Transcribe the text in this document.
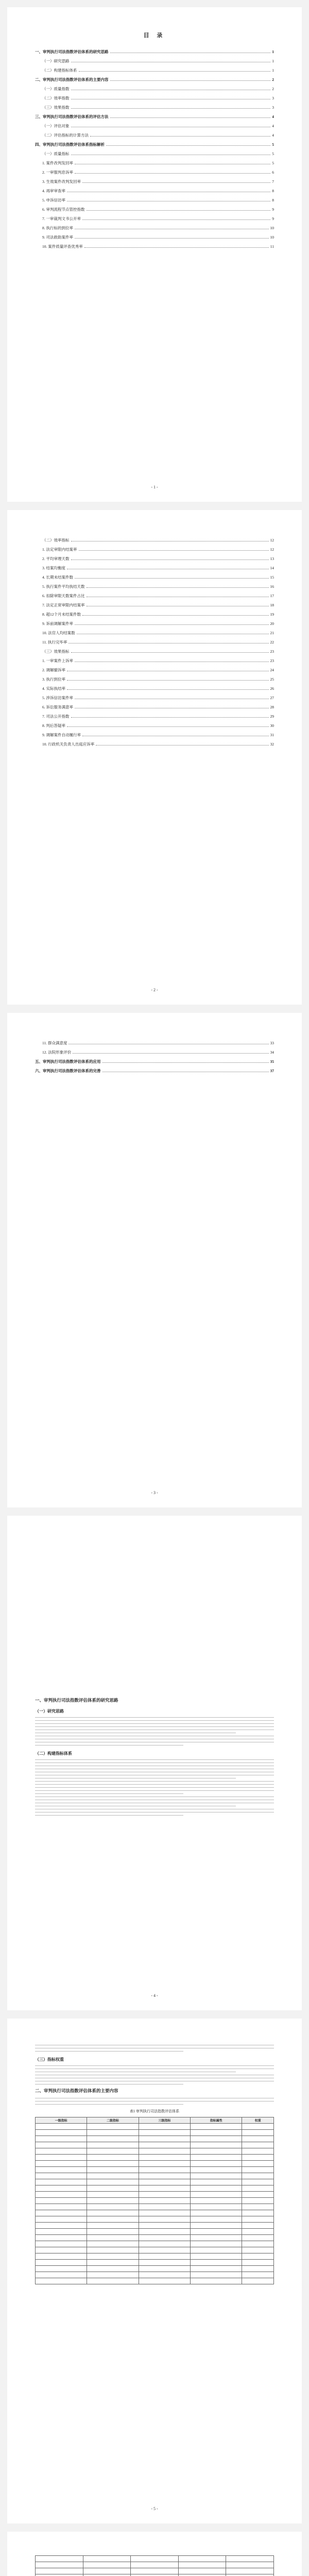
目 录
一、审判执行司法指数评估体系的研究思路	1
（一）研究思路	1
（二）构建指标体系	1
二、审判执行司法指数评估体系的主要内容	2
（一）质量指数	2
（二）效率指数	3
（三）效果指数	3
三、审判执行司法指数评估体系的评估方法	4
（一）评估对象	4
（二）评估指标的计算方法	4
四、审判执行司法指数评估体系指标解析	5
（一）质量指标	5
1. 案件改判发回率	5
2. 一审服判息诉率	6
3. 生效案件改判发回率	7
4. 再审审查率	8
5. 申诉信访率	8
6. 审判流程节点管控指数	9
7. 一审裁判文书公开率	9
8. 执行标的到位率	10
9. 司法救助案件率	10
10. 案件质量评查优秀率	11
- 1 -
（二）效率指标	12
1. 法定审限内结案率	12
2. 平均审理天数	13
3. 结案均衡度	14
4. 长期未结案件数	15
5. 执行案件平均执结天数	16
6. 扣除审限天数案件占比	17
7. 法定正常审限内结案率	18
8. 超12个月未结案件数	19
9. 诉前调解案件率	20
10. 法官人均结案数	21
11. 执行完毕率	22
（三）效果指标	23
1. 一审案件上诉率	23
2. 调解撤诉率	24
3. 执行到位率	25
4. 实际执结率	26
5. 涉诉信访案件率	27
6. 诉讼服务满意率	28
7. 司法公开指数	29
8. 判后答疑率	30
9. 调解案件自动履行率	31
10. 行政机关负责人出庭应诉率	32
- 2 -
11. 群众满意度	33
12. 法院形象评价	34
五、审判执行司法指数评估体系的应用	35
六、审判执行司法指数评估体系的完善	37
- 3 -
一、审判执行司法指数评估体系的研究思路
（一）研究思路
（二）构建指标体系
- 4 -
（三）指标权重
二、审判执行司法指数评估体系的主要内容
表1 审判执行司法指数评估体系
一级指标	二级指标	三级指标	指标属性	权重

- 5 -
